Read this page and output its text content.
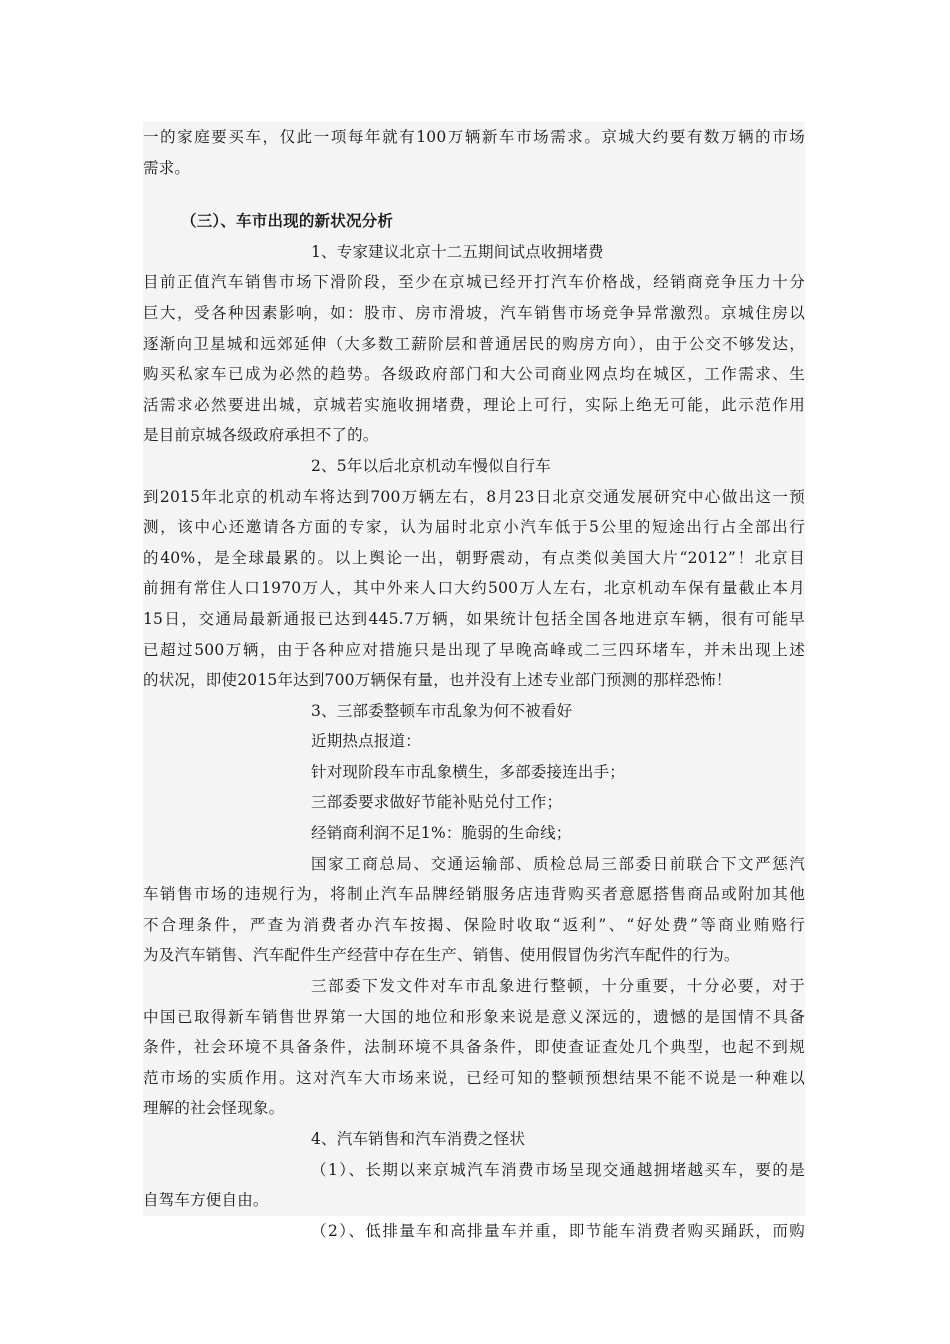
一的家庭要买车，仅此一项每年就有100万辆新车市场需求。京城大约要有数万辆的市场
需求。
（三）、车市出现的新状况分析
1、专家建议北京十二五期间试点收拥堵费
目前正值汽车销售市场下滑阶段，至少在京城已经开打汽车价格战，经销商竞争压力十分
巨大，受各种因素影响，如：股市、房市滑坡，汽车销售市场竞争异常激烈。京城住房以
逐渐向卫星城和远郊延伸（大多数工薪阶层和普通居民的购房方向），由于公交不够发达，
购买私家车已成为必然的趋势。各级政府部门和大公司商业网点均在城区，工作需求、生
活需求必然要进出城，京城若实施收拥堵费，理论上可行，实际上绝无可能，此示范作用
是目前京城各级政府承担不了的。
2、5年以后北京机动车慢似自行车
到2015年北京的机动车将达到700万辆左右，8月23日北京交通发展研究中心做出这一预
测，该中心还邀请各方面的专家，认为届时北京小汽车低于5公里的短途出行占全部出行
的40%，是全球最累的。以上舆论一出，朝野震动，有点类似美国大片“2012”！北京目
前拥有常住人口1970万人，其中外来人口大约500万人左右，北京机动车保有量截止本月
15日，交通局最新通报已达到445.7万辆，如果统计包括全国各地进京车辆，很有可能早
已超过500万辆，由于各种应对措施只是出现了早晚高峰或二三四环堵车，并未出现上述
的状况，即使2015年达到700万辆保有量，也并没有上述专业部门预测的那样恐怖！
3、三部委整顿车市乱象为何不被看好
近期热点报道：
针对现阶段车市乱象横生，多部委接连出手；
三部委要求做好节能补贴兑付工作；
经销商利润不足1%：脆弱的生命线；
国家工商总局、交通运输部、质检总局三部委日前联合下文严惩汽
车销售市场的违规行为，将制止汽车品牌经销服务店违背购买者意愿搭售商品或附加其他
不合理条件，严查为消费者办汽车按揭、保险时收取“返利”、“好处费”等商业贿赂行
为及汽车销售、汽车配件生产经营中存在生产、销售、使用假冒伪劣汽车配件的行为。
三部委下发文件对车市乱象进行整顿，十分重要，十分必要，对于
中国已取得新车销售世界第一大国的地位和形象来说是意义深远的，遗憾的是国情不具备
条件，社会环境不具备条件，法制环境不具备条件，即使查证查处几个典型，也起不到规
范市场的实质作用。这对汽车大市场来说，已经可知的整顿预想结果不能不说是一种难以
理解的社会怪现象。
4、汽车销售和汽车消费之怪状
（1）、长期以来京城汽车消费市场呈现交通越拥堵越买车，要的是
自驾车方便自由。
（2）、低排量车和高排量车并重，即节能车消费者购买踊跃，而购
